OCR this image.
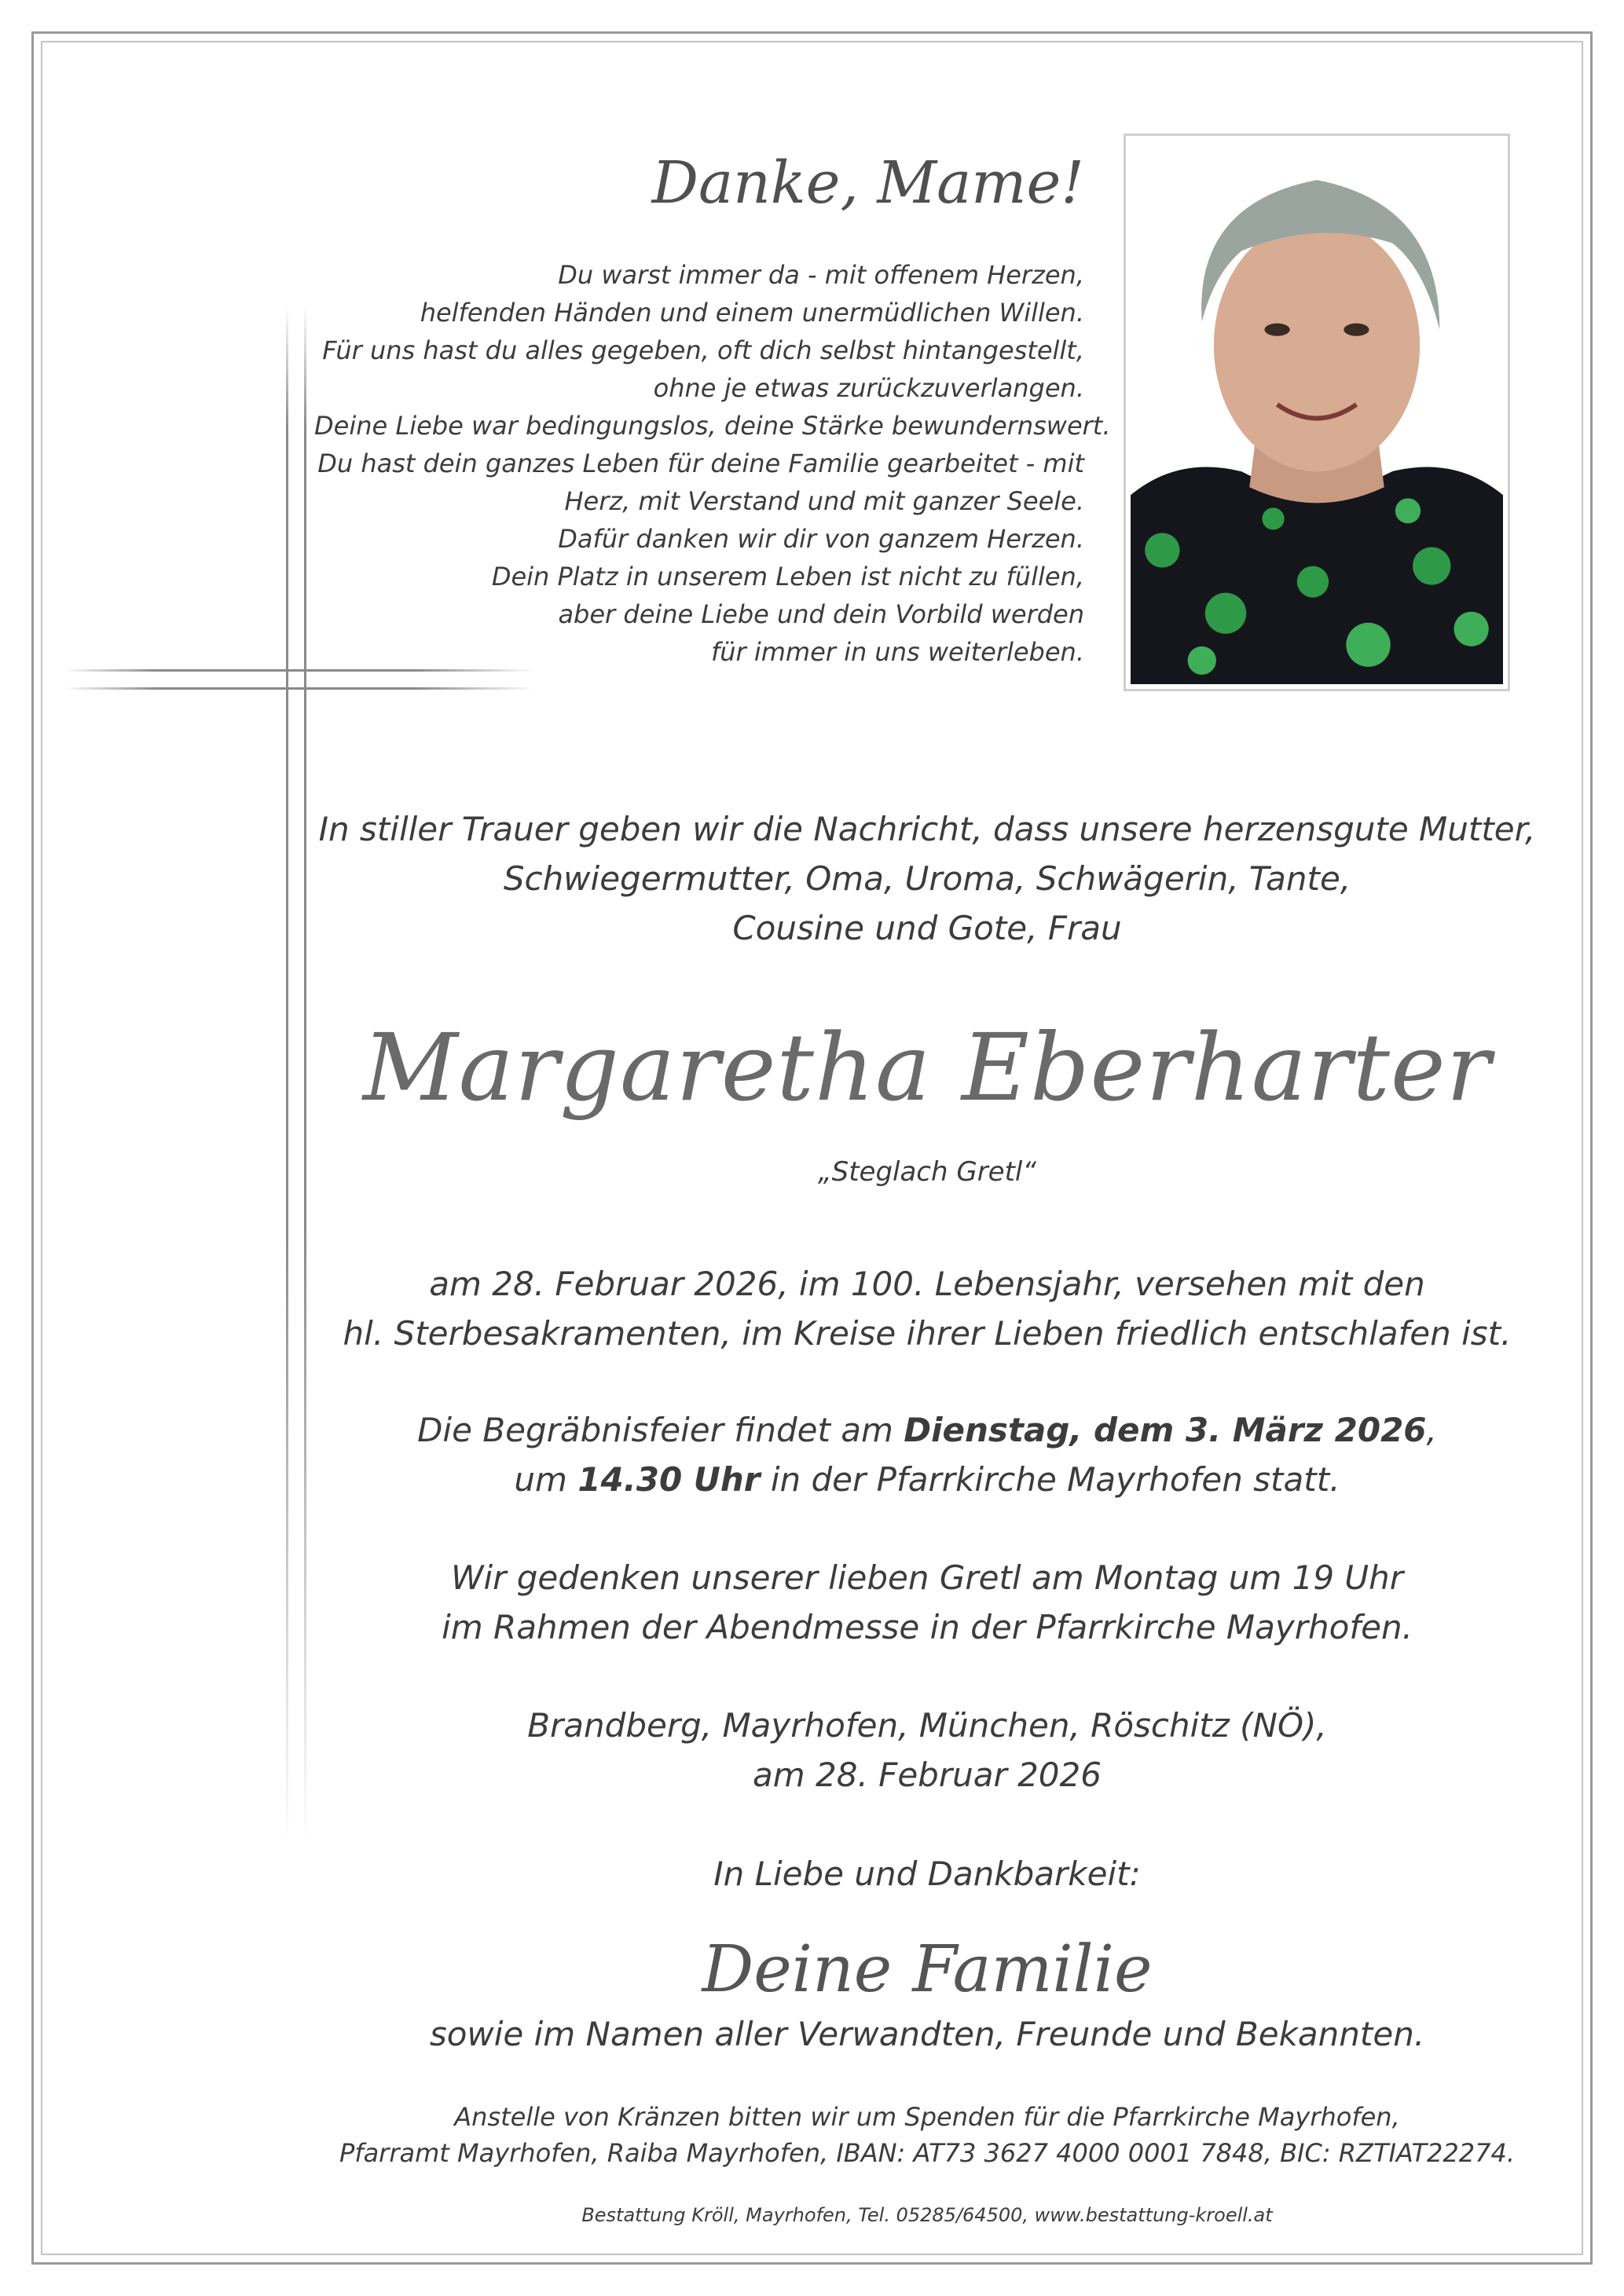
Danke, Mame!
Du warst immer da - mit offenem Herzen,
helfenden Händen und einem unermüdlichen Willen.
Für uns hast du alles gegeben, oft dich selbst hintangestellt,
ohne je etwas zurückzuverlangen.
Deine Liebe war bedingungslos, deine Stärke bewundernswert.
Du hast dein ganzes Leben für deine Familie gearbeitet - mit
Herz, mit Verstand und mit ganzer Seele.
Dafür danken wir dir von ganzem Herzen.
Dein Platz in unserem Leben ist nicht zu füllen,
aber deine Liebe und dein Vorbild werden
für immer in uns weiterleben.
In stiller Trauer geben wir die Nachricht, dass unsere herzensgute Mutter,
Schwiegermutter, Oma, Uroma, Schwägerin, Tante,
Cousine und Gote, Frau
Margaretha Eberharter
„Steglach Gretl“
am 28. Februar 2026, im 100. Lebensjahr, versehen mit den
hl. Sterbesakramenten, im Kreise ihrer Lieben friedlich entschlafen ist.
Die Begräbnisfeier findet am Dienstag, dem 3. März 2026,
um 14.30 Uhr in der Pfarrkirche Mayrhofen statt.
Wir gedenken unserer lieben Gretl am Montag um 19 Uhr
im Rahmen der Abendmesse in der Pfarrkirche Mayrhofen.
Brandberg, Mayrhofen, München, Röschitz (NÖ),
am 28. Februar 2026
In Liebe und Dankbarkeit:
Deine Familie
sowie im Namen aller Verwandten, Freunde und Bekannten.
Anstelle von Kränzen bitten wir um Spenden für die Pfarrkirche Mayrhofen,
Pfarramt Mayrhofen, Raiba Mayrhofen, IBAN: AT73 3627 4000 0001 7848, BIC: RZTIAT22274.
Bestattung Kröll, Mayrhofen, Tel. 05285/64500, www.bestattung-kroell.at
